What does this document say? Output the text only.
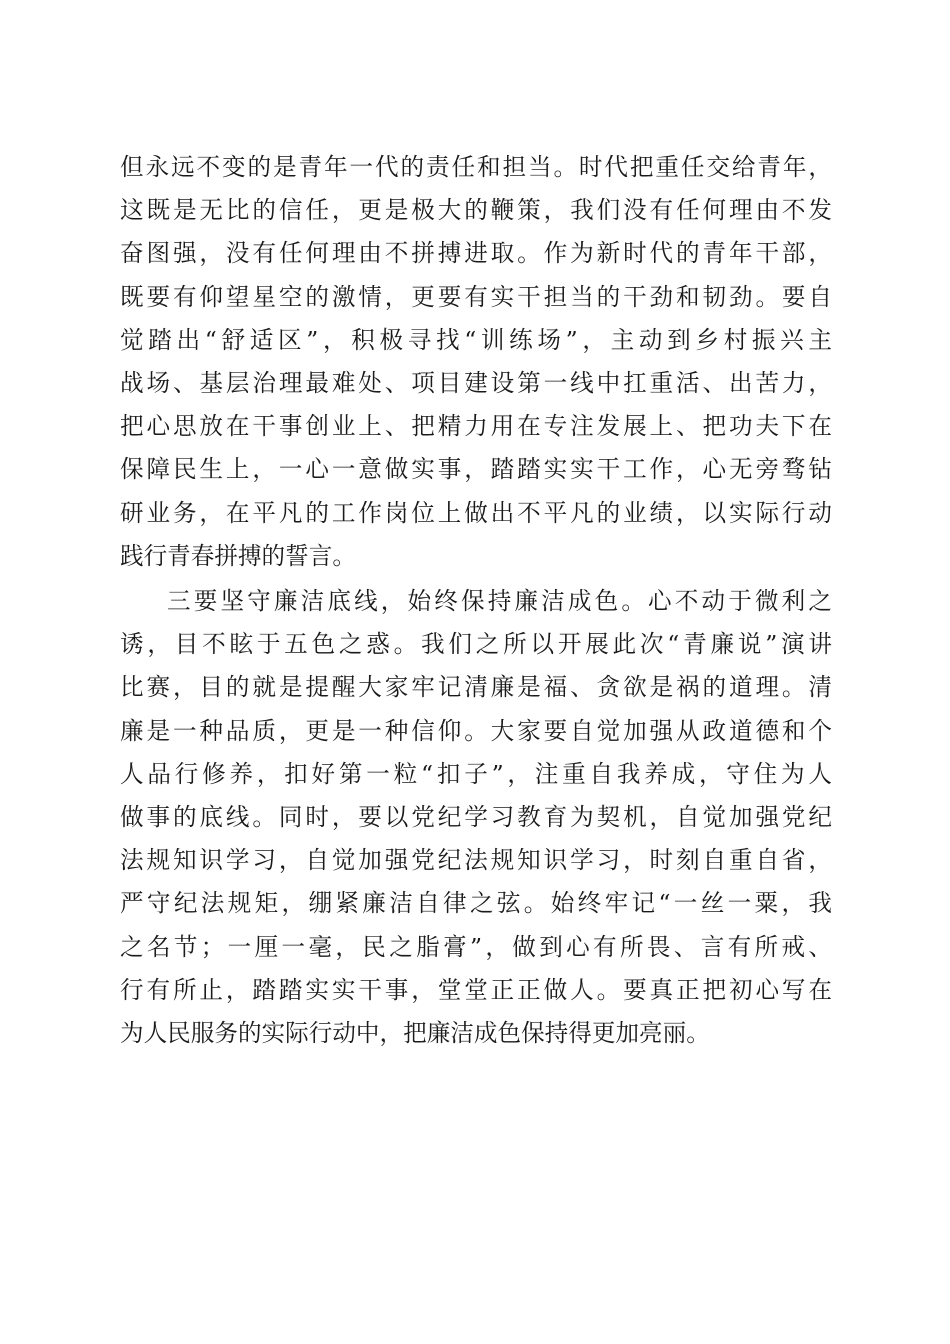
但永远不变的是青年一代的责任和担当。时代把重任交给青年，
这既是无比的信任，更是极大的鞭策，我们没有任何理由不发
奋图强，没有任何理由不拼搏进取。作为新时代的青年干部，
既要有仰望星空的激情，更要有实干担当的干劲和韧劲。要自
觉踏出“舒适区”，积极寻找“训练场”，主动到乡村振兴主
战场、基层治理最难处、项目建设第一线中扛重活、出苦力，
把心思放在干事创业上、把精力用在专注发展上、把功夫下在
保障民生上，一心一意做实事，踏踏实实干工作，心无旁骛钻
研业务，在平凡的工作岗位上做出不平凡的业绩，以实际行动
践行青春拼搏的誓言。
三要坚守廉洁底线，始终保持廉洁成色。心不动于微利之
诱，目不眩于五色之惑。我们之所以开展此次“青廉说”演讲
比赛，目的就是提醒大家牢记清廉是福、贪欲是祸的道理。清
廉是一种品质，更是一种信仰。大家要自觉加强从政道德和个
人品行修养，扣好第一粒“扣子”，注重自我养成，守住为人
做事的底线。同时，要以党纪学习教育为契机，自觉加强党纪
法规知识学习，自觉加强党纪法规知识学习，时刻自重自省，
严守纪法规矩，绷紧廉洁自律之弦。始终牢记“一丝一粟，我
之名节；一厘一毫，民之脂膏”，做到心有所畏、言有所戒、
行有所止，踏踏实实干事，堂堂正正做人。要真正把初心写在
为人民服务的实际行动中，把廉洁成色保持得更加亮丽。
